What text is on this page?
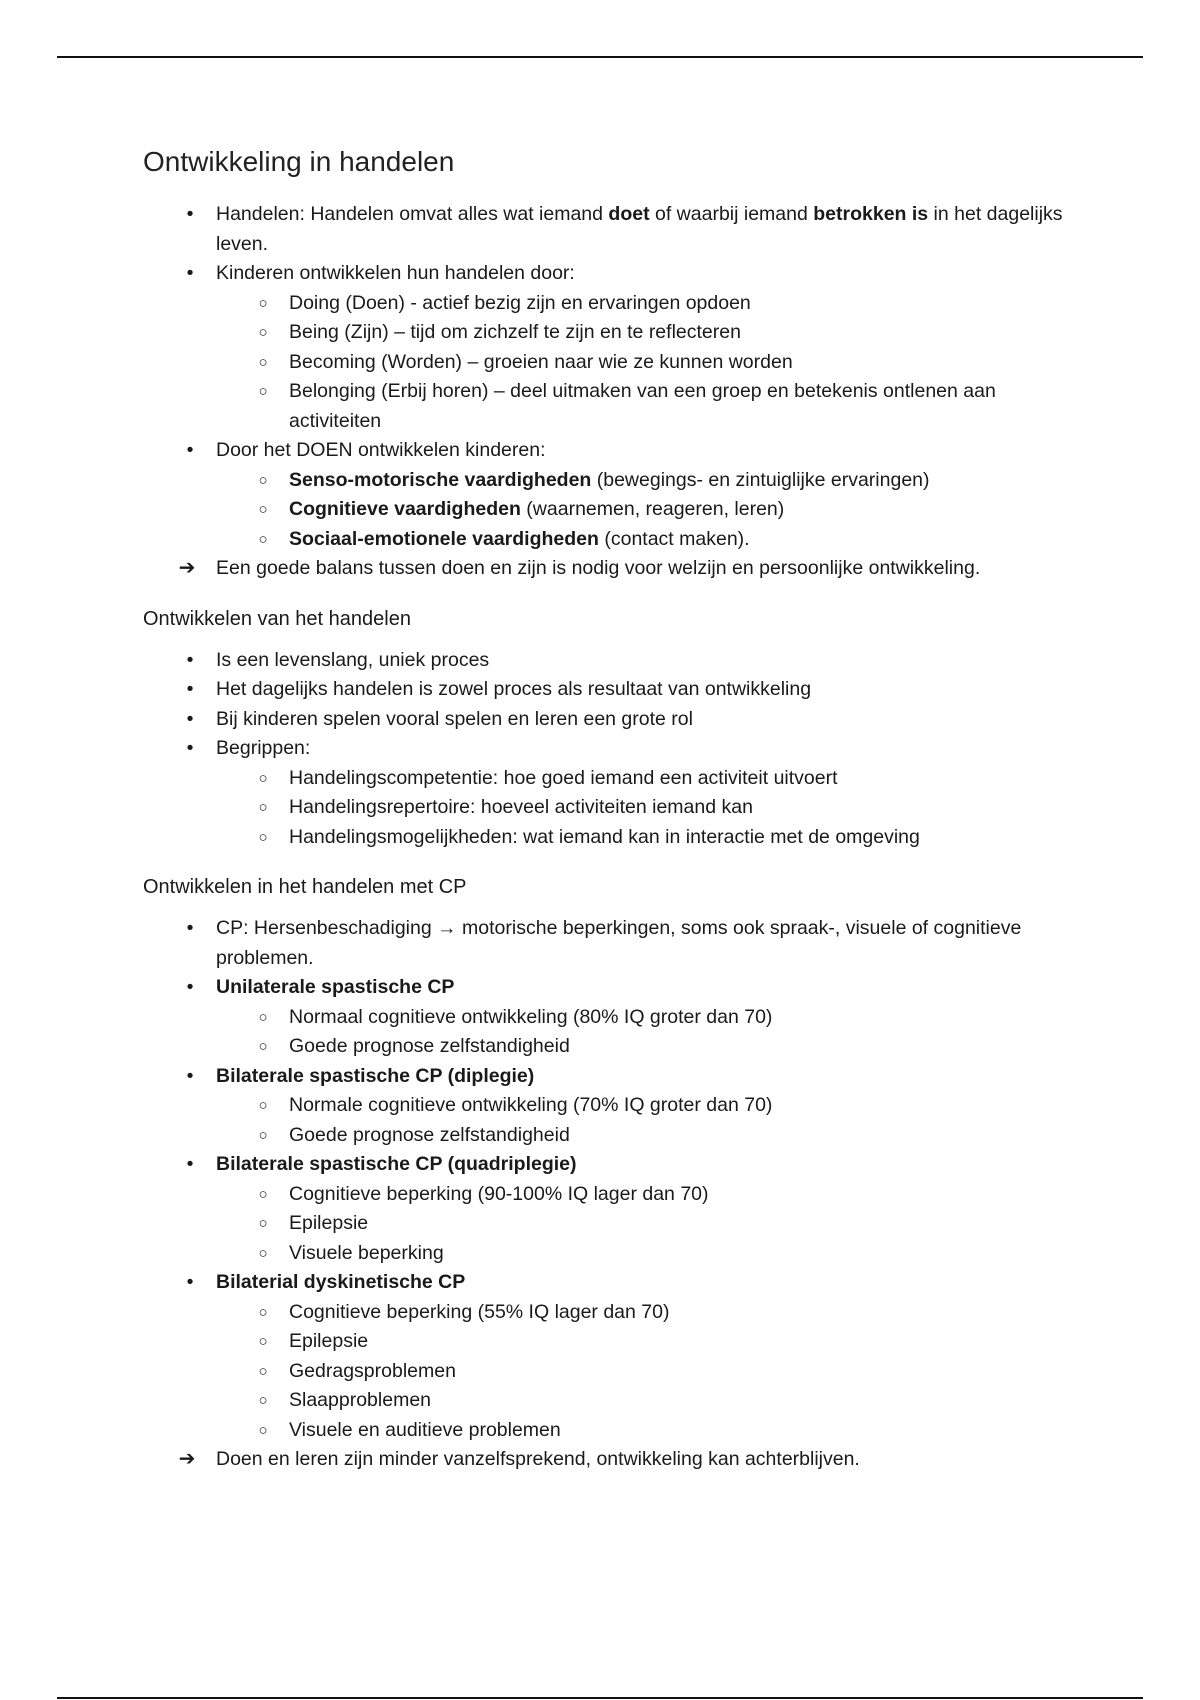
Ontwikkeling in handelen
•	Handelen: Handelen omvat alles wat iemand doet of waarbij iemand betrokken is in het dagelijks leven.
•	Kinderen ontwikkelen hun handelen door:
○	Doing (Doen) - actief bezig zijn en ervaringen opdoen
○	Being (Zijn) – tijd om zichzelf te zijn en te reflecteren
○	Becoming (Worden) – groeien naar wie ze kunnen worden
○	Belonging (Erbij horen) – deel uitmaken van een groep en betekenis ontlenen aan activiteiten
•	Door het DOEN ontwikkelen kinderen:
○	Senso-motorische vaardigheden (bewegings- en zintuiglijke ervaringen)
○	Cognitieve vaardigheden (waarnemen, reageren, leren)
○	Sociaal-emotionele vaardigheden (contact maken).
➔ Een goede balans tussen doen en zijn is nodig voor welzijn en persoonlijke ontwikkeling.
Ontwikkelen van het handelen
•	Is een levenslang, uniek proces
•	Het dagelijks handelen is zowel proces als resultaat van ontwikkeling
•	Bij kinderen spelen vooral spelen en leren een grote rol
•	Begrippen:
○	Handelingscompetentie: hoe goed iemand een activiteit uitvoert
○	Handelingsrepertoire: hoeveel activiteiten iemand kan
○	Handelingsmogelijkheden: wat iemand kan in interactie met de omgeving
Ontwikkelen in het handelen met CP
•	CP: Hersenbeschadiging → motorische beperkingen, soms ook spraak-, visuele of cognitieve problemen.
•	Unilaterale spastische CP
○	Normaal cognitieve ontwikkeling (80% IQ groter dan 70)
○	Goede prognose zelfstandigheid
•	Bilaterale spastische CP (diplegie)
○	Normale cognitieve ontwikkeling (70% IQ groter dan 70)
○	Goede prognose zelfstandigheid
•	Bilaterale spastische CP (quadriplegie)
○	Cognitieve beperking (90-100% IQ lager dan 70)
○	Epilepsie
○	Visuele beperking
•	Bilaterial dyskinetische CP
○	Cognitieve beperking (55% IQ lager dan 70)
○	Epilepsie
○	Gedragsproblemen
○	Slaapproblemen
○	Visuele en auditieve problemen
➔ Doen en leren zijn minder vanzelfsprekend, ontwikkeling kan achterblijven.
